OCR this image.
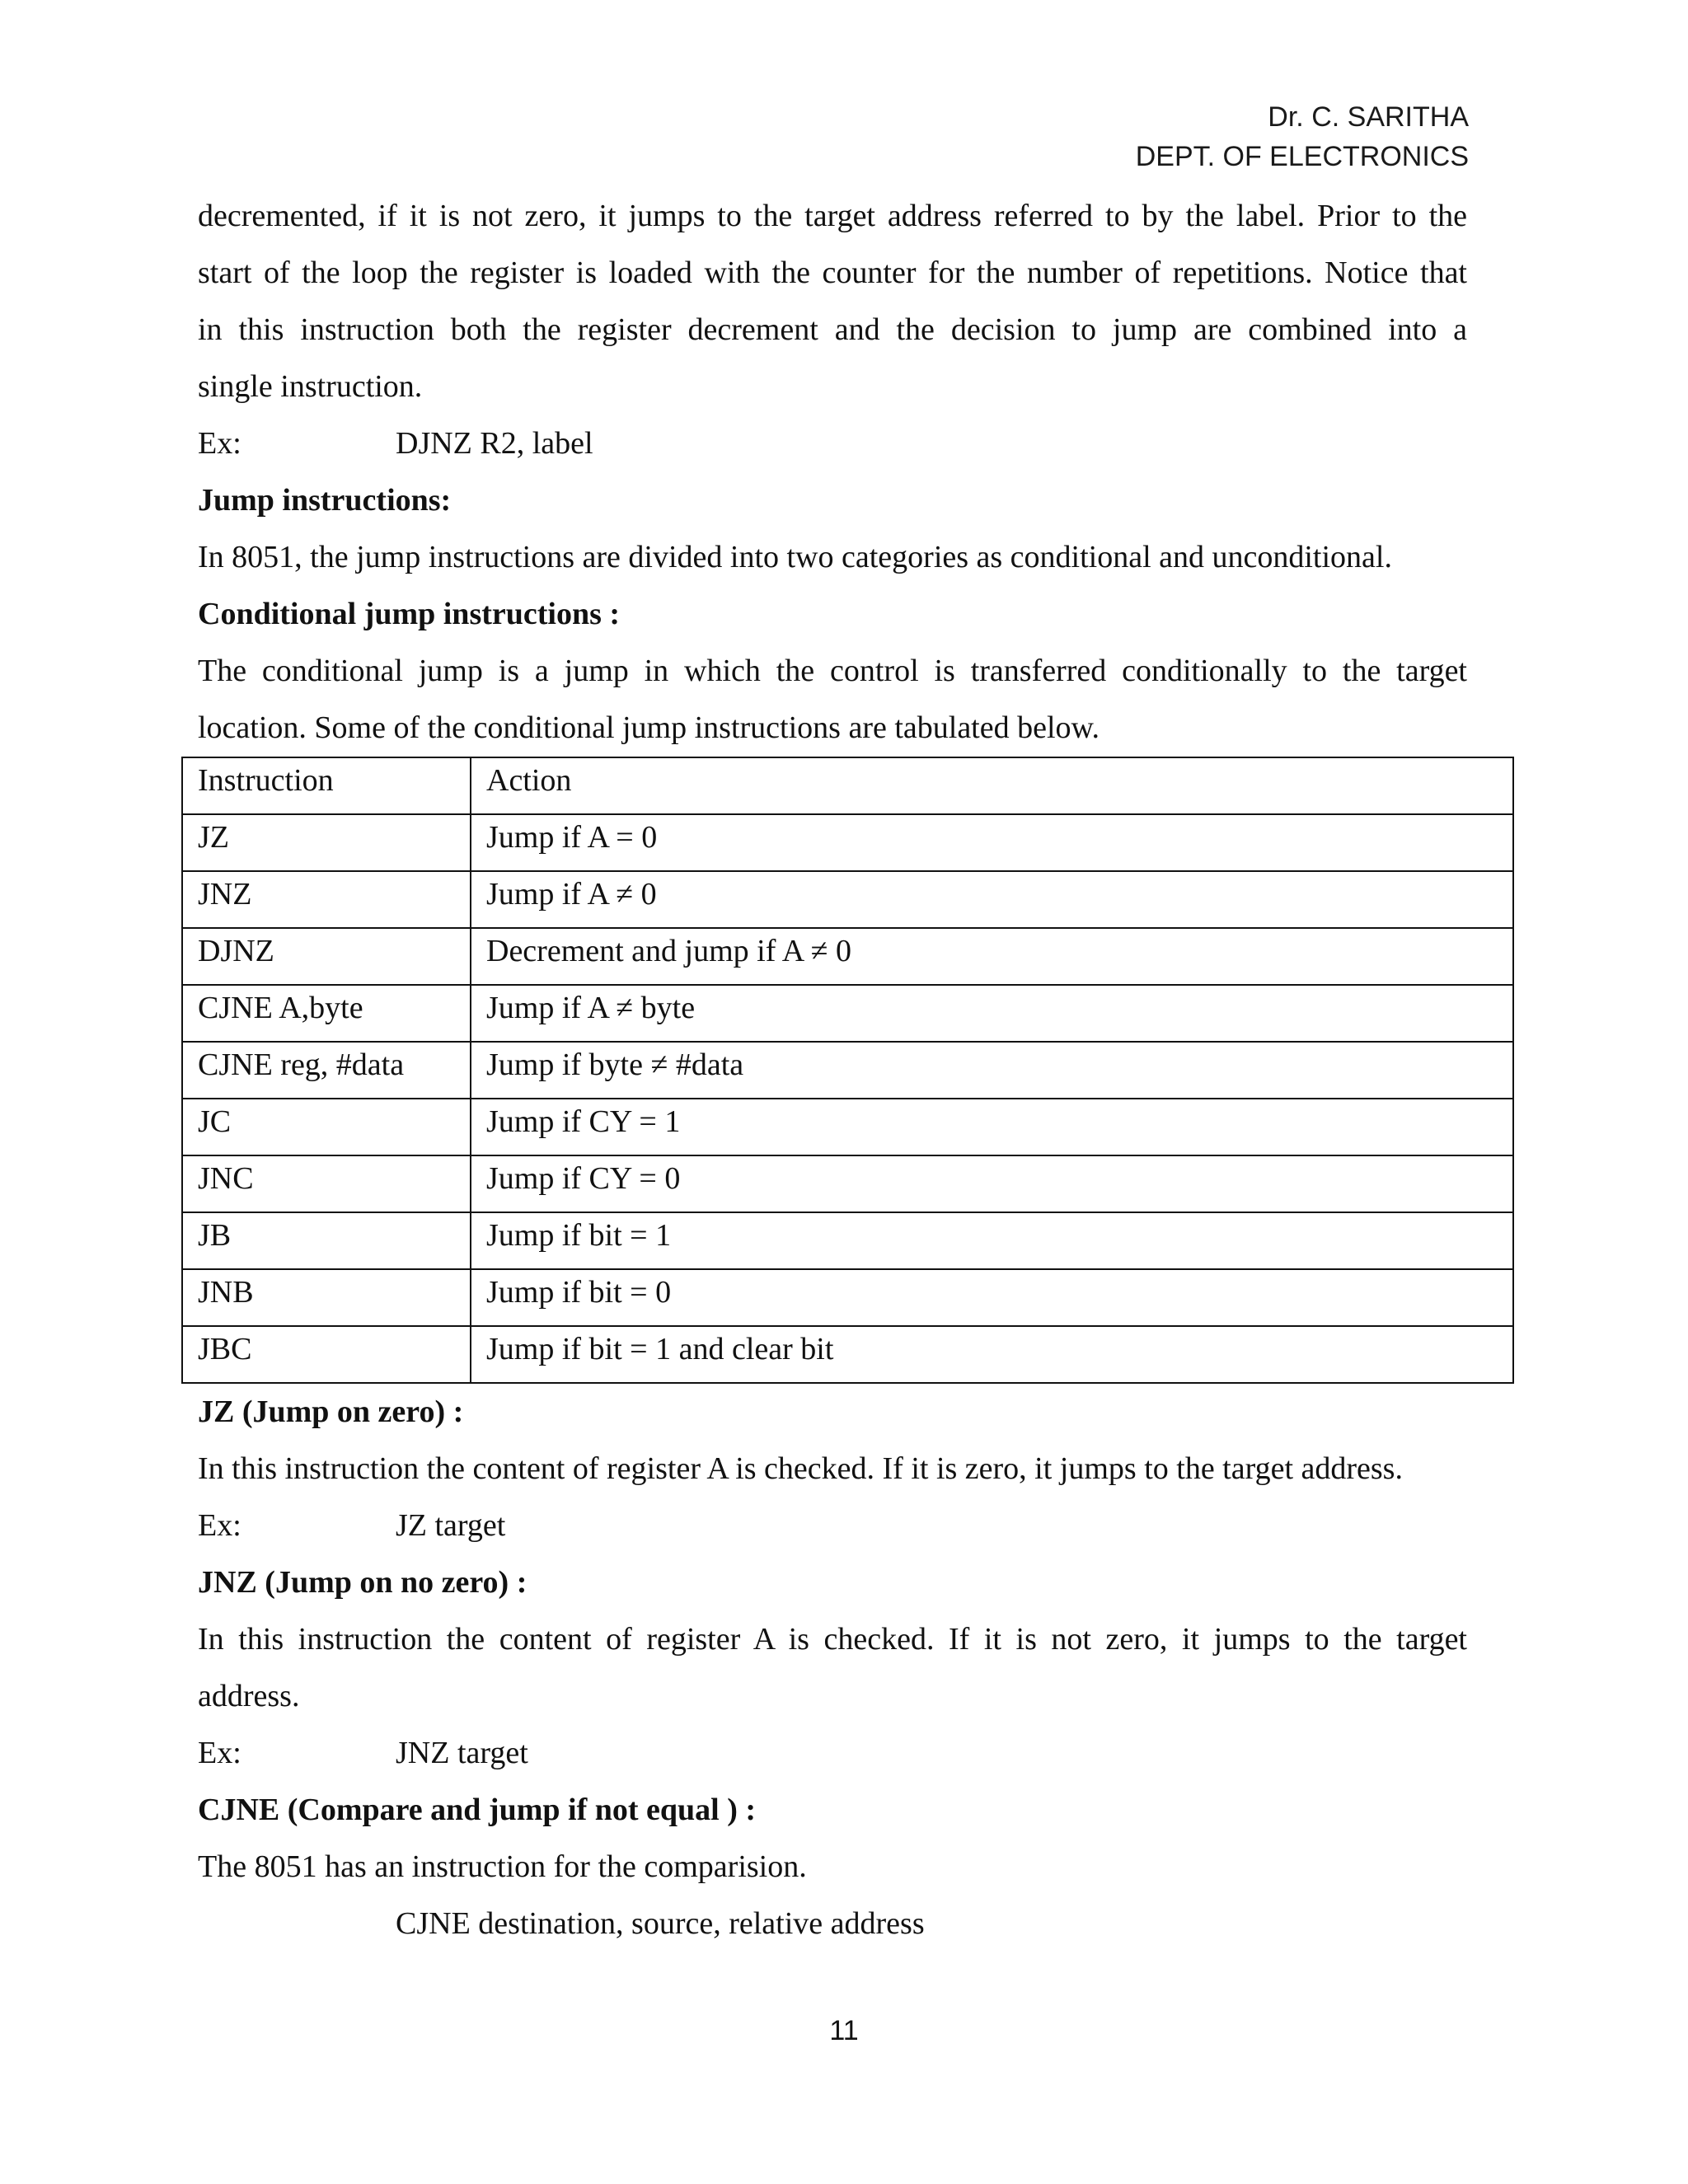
Dr. C. SARITHA
DEPT. OF ELECTRONICS

decremented, if it is not zero, it jumps to the target address referred to by the label. Prior to the

start of the loop the register is loaded with the counter for the number of repetitions. Notice that

in this instruction both the register decrement and the decision to jump are combined into a

single instruction.

Ex:	DJNZ R2, label

Jump instructions:

In 8051, the jump instructions are divided into two categories as conditional and unconditional.

Conditional jump instructions :

The conditional jump is a jump in which the control is transferred conditionally to the target

location. Some of the conditional jump instructions are tabulated below.

Instruction	Action
JZ	Jump if A = 0
JNZ	Jump if A ≠ 0
DJNZ	Decrement and jump if A ≠ 0
CJNE A,byte	Jump if A ≠ byte
CJNE reg, #data	Jump if byte ≠ #data
JC	Jump if CY = 1
JNC	Jump if CY = 0
JB	Jump if bit = 1
JNB	Jump if bit = 0
JBC	Jump if bit = 1 and clear bit

JZ (Jump on zero) :

In this instruction the content of register A is checked. If it is zero, it jumps to the target address.

Ex:	JZ target

JNZ (Jump on no zero) :

In this instruction the content of register A is checked. If it is not zero, it jumps to the target

address.

Ex:	JNZ target

CJNE (Compare and jump if not equal ) :

The 8051 has an instruction for the comparision.

CJNE destination, source, relative address

11
